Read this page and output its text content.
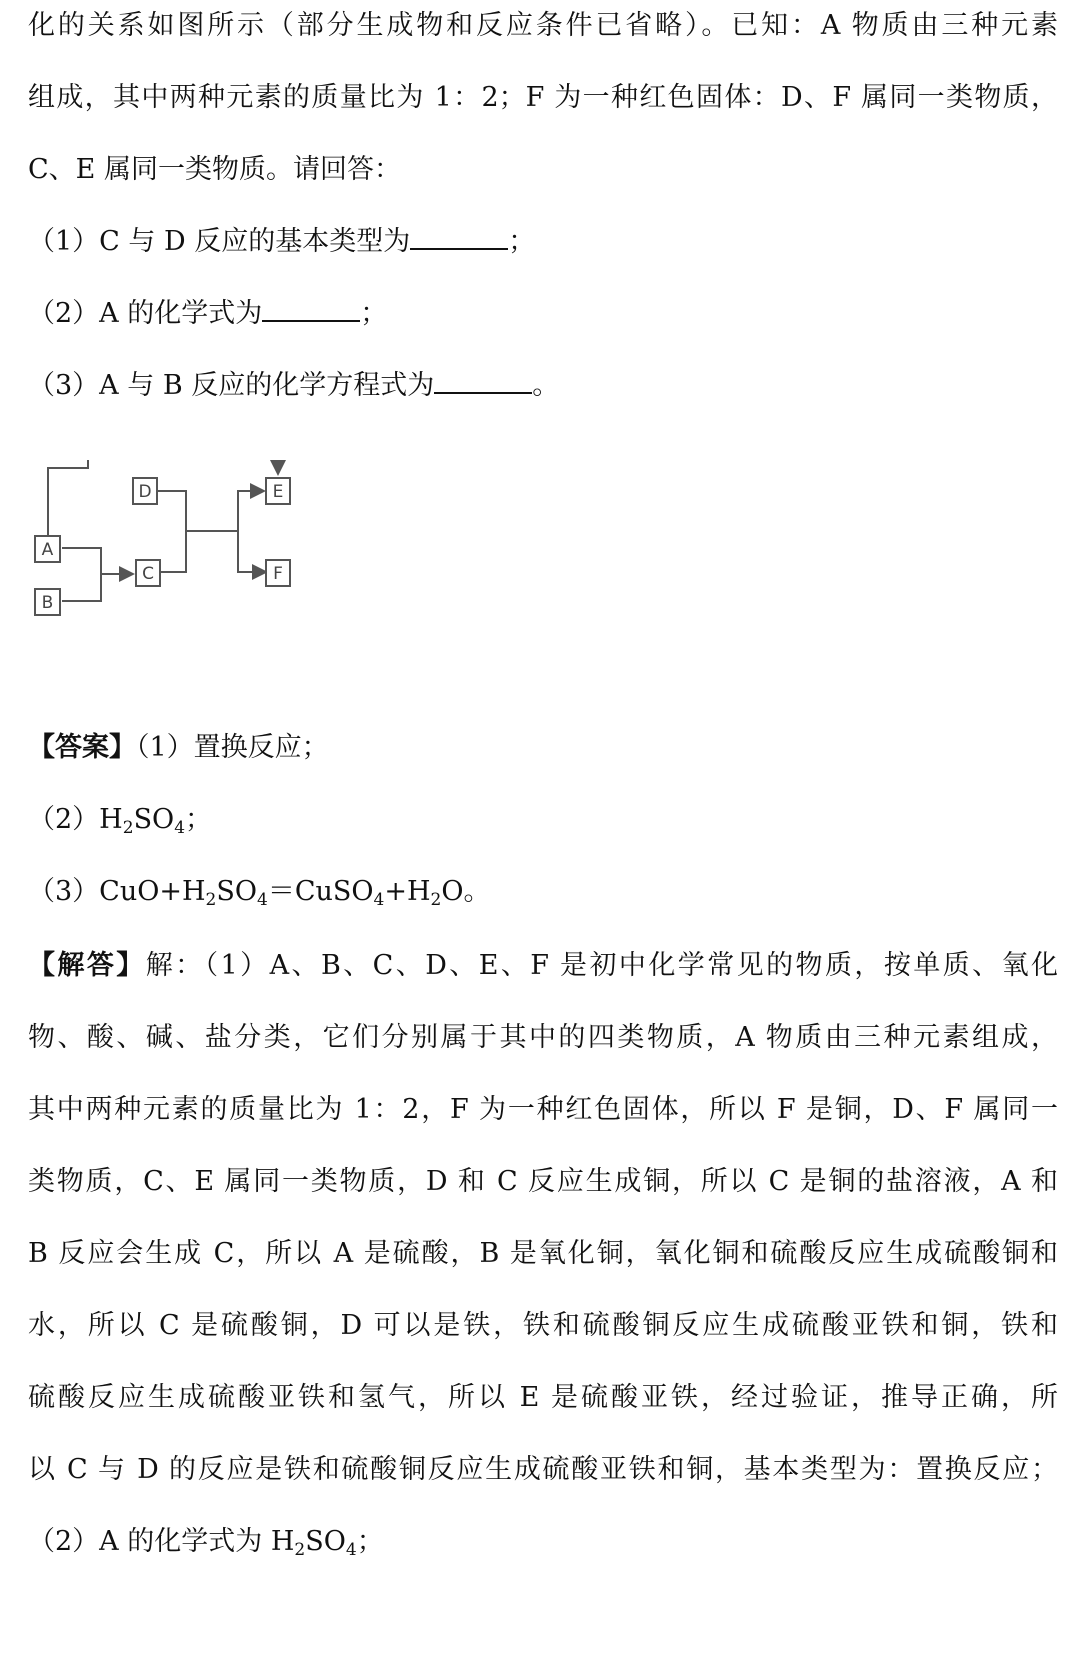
化的关系如图所示（部分生成物和反应条件已省略）。已知：A 物质由三种元素
组成，其中两种元素的质量比为 1：2；F 为一种红色固体：D、F 属同一类物质，
C、E 属同一类物质。请回答：
（1）C 与 D 反应的基本类型为	；
（2）A 的化学式为	；
（3）A 与 B 反应的化学方程式为	。
A
B
C
D	E
F
【答案】（1）置换反应；
$(2)H_2SO_4$；
$(3)CuO+H_2SO_4=CuSO_4+H_2O$。
【解答】解：（1）A、B、C、D、E、F 是初中化学常见的物质，按单质、氧化
物、酸、碱、盐分类，它们分别属于其中的四类物质，A 物质由三种元素组成，
其中两种元素的质量比为 1：2，F 为一种红色固体，所以 F 是铜，D、F 属同一
类物质，C、E 属同一类物质，D 和 C 反应生成铜，所以 C 是铜的盐溶液，A 和
B 反应会生成 C，所以 A 是硫酸，B 是氧化铜，氧化铜和硫酸反应生成硫酸铜和
水，所以 C 是硫酸铜，D 可以是铁，铁和硫酸铜反应生成硫酸亚铁和铜，铁和
硫酸反应生成硫酸亚铁和氢气，所以 E 是硫酸亚铁，经过验证，推导正确，所
以 C 与 D 的反应是铁和硫酸铜反应生成硫酸亚铁和铜，基本类型为：置换反应；
（2）A 的化学式为 $H_2SO_4$；
